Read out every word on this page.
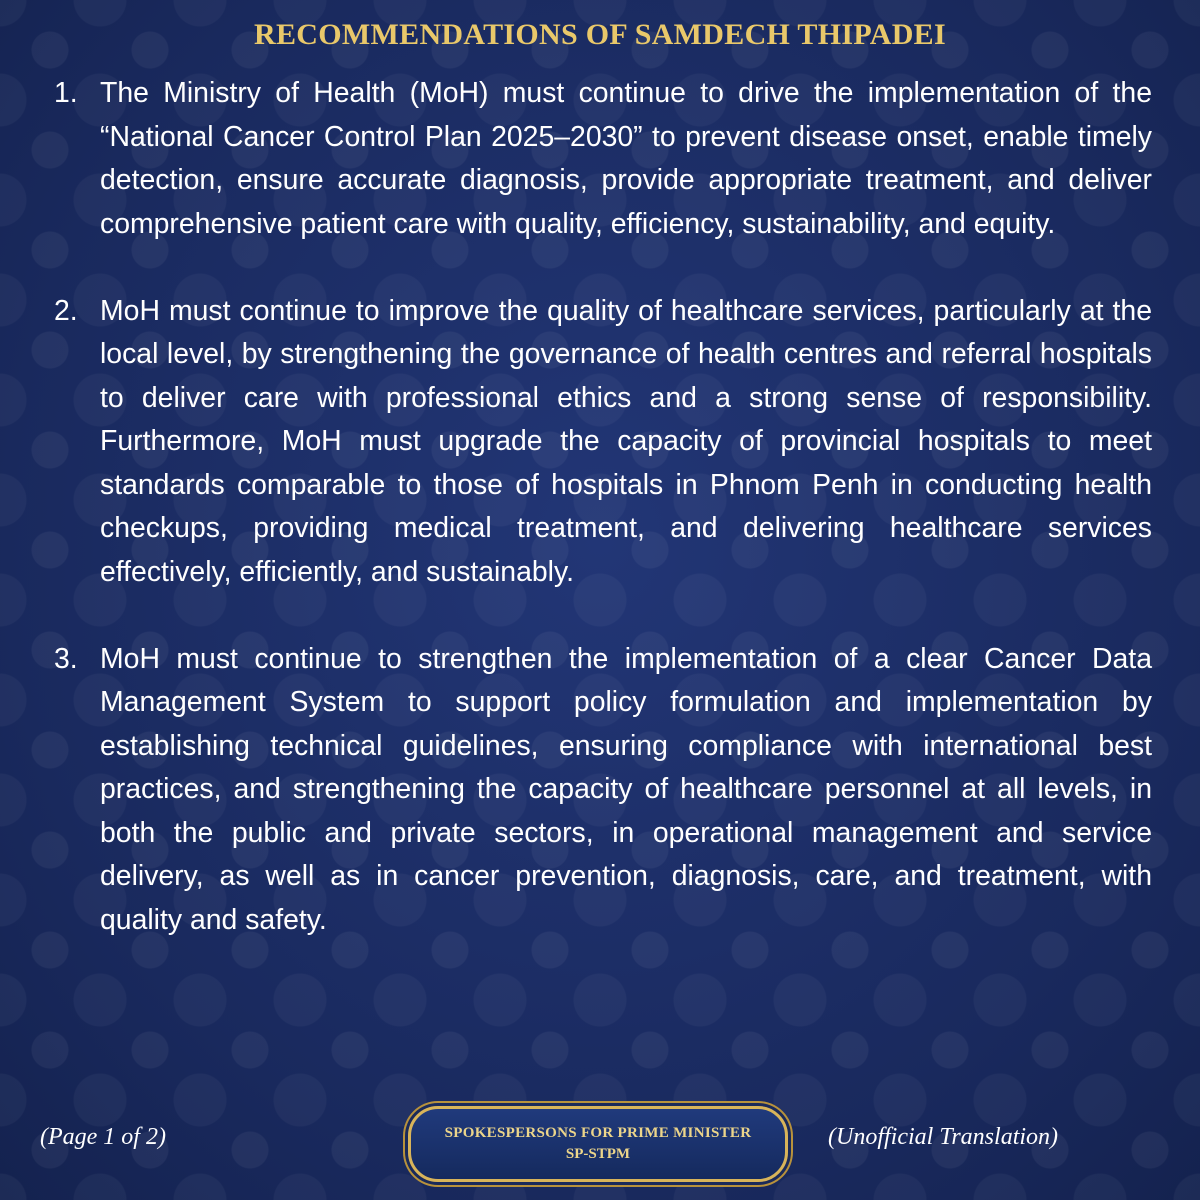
RECOMMENDATIONS OF SAMDECH THIPADEI
1. The Ministry of Health (MoH) must continue to drive the implementation of the “National Cancer Control Plan 2025–2030” to prevent disease onset, enable timely detection, ensure accurate diagnosis, provide appropriate treatment, and deliver comprehensive patient care with quality, efficiency, sustainability, and equity.
2. MoH must continue to improve the quality of healthcare services, particularly at the local level, by strengthening the governance of health centres and referral hospitals to deliver care with professional ethics and a strong sense of responsibility. Furthermore, MoH must upgrade the capacity of provincial hospitals to meet standards comparable to those of hospitals in Phnom Penh in conducting health checkups, providing medical treatment, and delivering healthcare services effectively, efficiently, and sustainably.
3. MoH must continue to strengthen the implementation of a clear Cancer Data Management System to support policy formulation and implementation by establishing technical guidelines, ensuring compliance with international best practices, and strengthening the capacity of healthcare personnel at all levels, in both the public and private sectors, in operational management and service delivery, as well as in cancer prevention, diagnosis, care, and treatment, with quality and safety.
(Page 1 of 2)	SPOKESPERSONS FOR PRIME MINISTER
SP-STPM
(Unofficial Translation)
